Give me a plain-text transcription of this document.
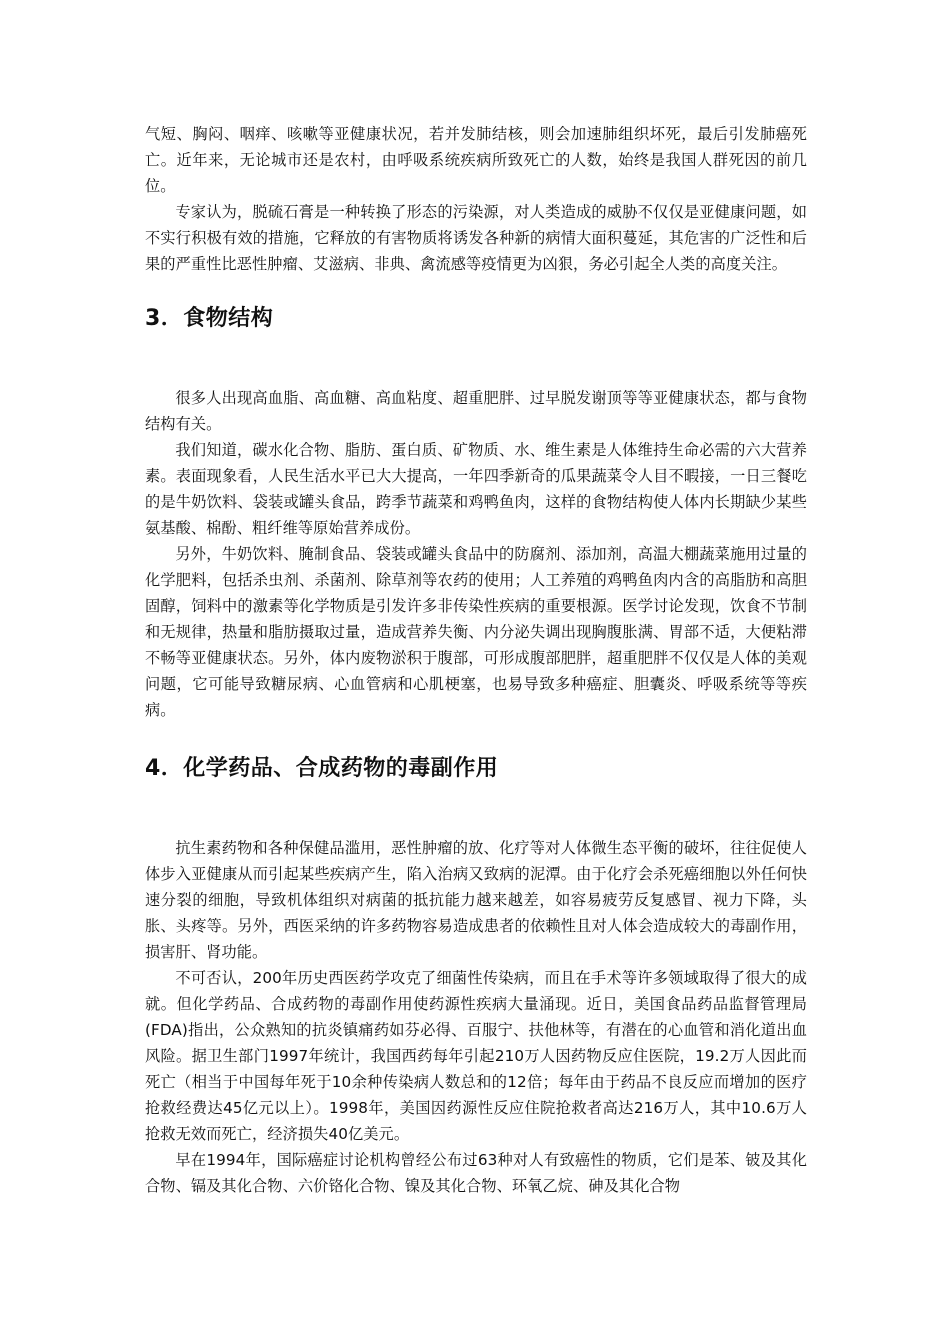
气短、胸闷、咽痒、咳嗽等亚健康状况，若并发肺结核，则会加速肺组织坏死，最后引发肺癌死亡。近年来，无论城市还是农村，由呼吸系统疾病所致死亡的人数，始终是我国人群死因的前几位。

专家认为，脱硫石膏是一种转换了形态的污染源，对人类造成的威胁不仅仅是亚健康问题，如不实行积极有效的措施，它释放的有害物质将诱发各种新的病情大面积蔓延，其危害的广泛性和后果的严重性比恶性肿瘤、艾滋病、非典、禽流感等疫情更为凶狠，务必引起全人类的高度关注。

3．食物结构

很多人出现高血脂、高血糖、高血粘度、超重肥胖、过早脱发谢顶等等亚健康状态，都与食物结构有关。

我们知道，碳水化合物、脂肪、蛋白质、矿物质、水、维生素是人体维持生命必需的六大营养素。表面现象看，人民生活水平已大大提高，一年四季新奇的瓜果蔬菜令人目不暇接，一日三餐吃的是牛奶饮料、袋装或罐头食品，跨季节蔬菜和鸡鸭鱼肉，这样的食物结构使人体内长期缺少某些氨基酸、棉酚、粗纤维等原始营养成份。

另外，牛奶饮料、腌制食品、袋装或罐头食品中的防腐剂、添加剂，高温大棚蔬菜施用过量的化学肥料，包括杀虫剂、杀菌剂、除草剂等农药的使用；人工养殖的鸡鸭鱼肉内含的高脂肪和高胆固醇，饲料中的激素等化学物质是引发许多非传染性疾病的重要根源。医学讨论发现，饮食不节制和无规律，热量和脂肪摄取过量，造成营养失衡、内分泌失调出现胸腹胀满、胃部不适，大便粘滞不畅等亚健康状态。另外，体内废物淤积于腹部，可形成腹部肥胖，超重肥胖不仅仅是人体的美观问题，它可能导致糖尿病、心血管病和心肌梗塞，也易导致多种癌症、胆囊炎、呼吸系统等等疾病。

4．化学药品、合成药物的毒副作用

抗生素药物和各种保健品滥用，恶性肿瘤的放、化疗等对人体微生态平衡的破坏，往往促使人体步入亚健康从而引起某些疾病产生，陷入治病又致病的泥潭。由于化疗会杀死癌细胞以外任何快速分裂的细胞，导致机体组织对病菌的抵抗能力越来越差，如容易疲劳反复感冒、视力下降，头胀、头疼等。另外，西医采纳的许多药物容易造成患者的依赖性且对人体会造成较大的毒副作用，损害肝、肾功能。

不可否认，200年历史西医药学攻克了细菌性传染病，而且在手术等许多领域取得了很大的成就。但化学药品、合成药物的毒副作用使药源性疾病大量涌现。近日，美国食品药品监督管理局(FDA)指出，公众熟知的抗炎镇痛药如芬必得、百服宁、扶他林等，有潜在的心血管和消化道出血风险。据卫生部门1997年统计，我国西药每年引起210万人因药物反应住医院，19.2万人因此而死亡（相当于中国每年死于10余种传染病人数总和的12倍；每年由于药品不良反应而增加的医疗抢救经费达45亿元以上）。1998年，美国因药源性反应住院抢救者高达216万人，其中10.6万人抢救无效而死亡，经济损失40亿美元。

早在1994年，国际癌症讨论机构曾经公布过63种对人有致癌性的物质，它们是苯、铍及其化合物、镉及其化合物、六价铬化合物、镍及其化合物、环氧乙烷、砷及其化合物
